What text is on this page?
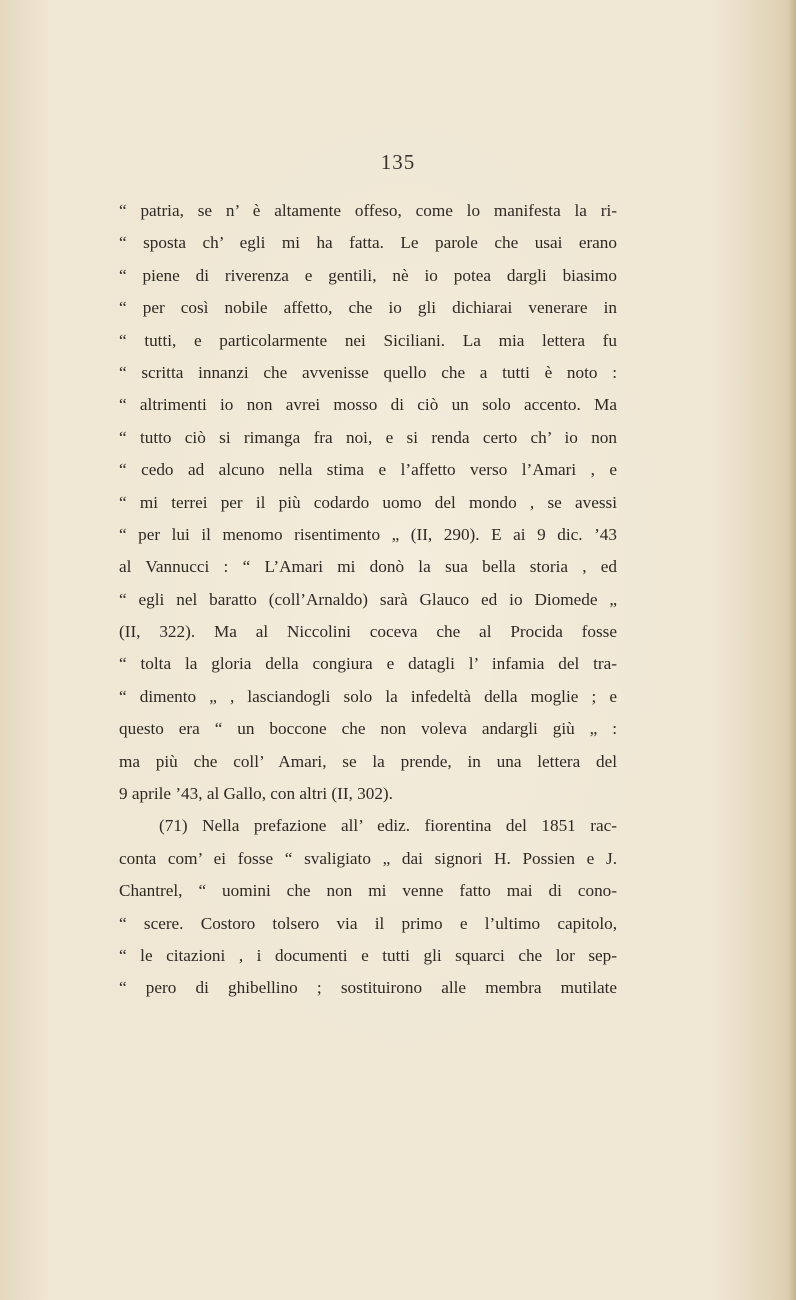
135
“ patria, se n’ è altamente offeso, come lo manifesta la ri-
“ sposta ch’ egli mi ha fatta. Le parole che usai erano
“ piene di riverenza e gentili, nè io potea dargli biasimo
“ per così nobile affetto, che io gli dichiarai venerare in
“ tutti, e particolarmente nei Siciliani. La mia lettera fu
“ scritta innanzi che avvenisse quello che a tutti è noto :
“ altrimenti io non avrei mosso di ciò un solo accento. Ma
“ tutto ciò si rimanga fra noi, e si renda certo ch’ io non
“ cedo ad alcuno nella stima e l’affetto verso l’Amari , e
“ mi terrei per il più codardo uomo del mondo , se avessi
“ per lui il menomo risentimento „ (II, 290). E ai 9 dic. ’43
al Vannucci : “ L’Amari mi donò la sua bella storia , ed
“ egli nel baratto (coll’Arnaldo) sarà Glauco ed io Diomede „
(II, 322). Ma al Niccolini coceva che al Procida fosse
“ tolta la gloria della congiura e datagli l’ infamia del tra-
“ dimento „ , lasciandogli solo la infedeltà della moglie ; e
questo era “ un boccone che non voleva andargli giù „ :
ma più che coll’ Amari, se la prende, in una lettera del
9 aprile ’43, al Gallo, con altri (II, 302).
(71) Nella prefazione all’ ediz. fiorentina del 1851 rac-
conta com’ ei fosse “ svaligiato „ dai signori H. Possien e J.
Chantrel, “ uomini che non mi venne fatto mai di cono-
“ scere. Costoro tolsero via il primo e l’ultimo capitolo,
“ le citazioni , i documenti e tutti gli squarci che lor sep-
“ pero di ghibellino ; sostituirono alle membra mutilate
